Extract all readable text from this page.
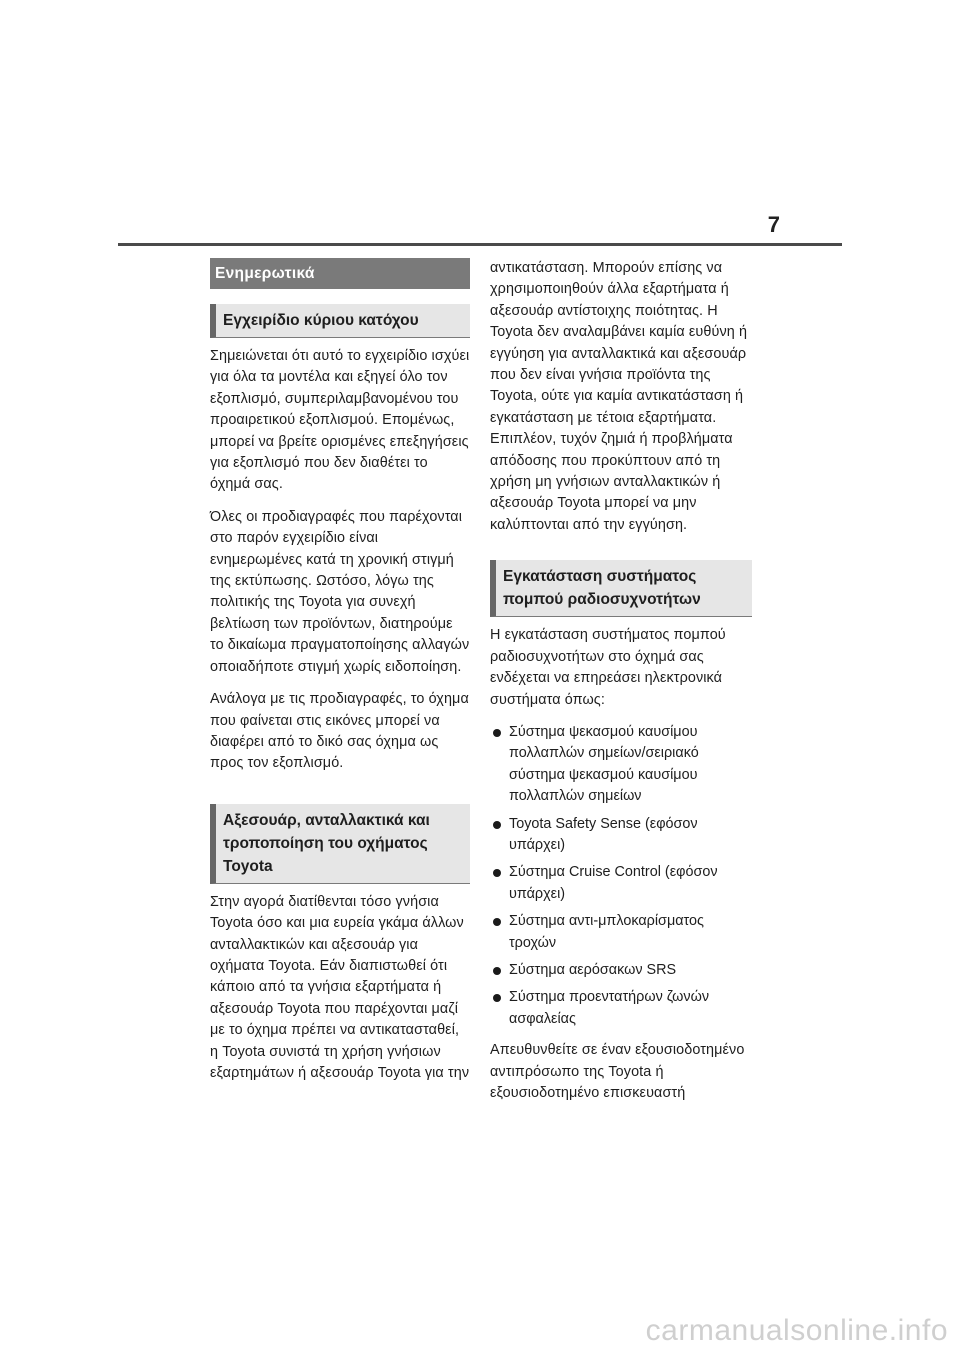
7
Ενημερωτικά
Εγχειρίδιο κύριου κατόχου

Σημειώνεται ότι αυτό το εγχειρίδιο ισχύει για όλα τα μοντέλα και εξηγεί όλο τον εξοπλισμό, συμπεριλαμβανομένου του προαιρετικού εξοπλισμού. Επομένως, μπορεί να βρείτε ορισμένες επεξηγήσεις για εξοπλισμό που δεν διαθέτει το όχημά σας.

Όλες οι προδιαγραφές που παρέχονται στο παρόν εγχειρίδιο είναι ενημερωμένες κατά τη χρονική στιγμή της εκτύπωσης. Ωστόσο, λόγω της πολιτικής της Toyota για συνεχή βελτίωση των προϊόντων, διατηρούμε το δικαίωμα πραγματοποίησης αλλαγών οποιαδήποτε στιγμή χωρίς ειδοποίηση.

Ανάλογα με τις προδιαγραφές, το όχημα που φαίνεται στις εικόνες μπορεί να διαφέρει από το δικό σας όχημα ως προς τον εξοπλισμό.

Αξεσουάρ, ανταλλακτικά και τροποποίηση του οχήματος Toyota

Στην αγορά διατίθενται τόσο γνήσια Toyota όσο και μια ευρεία γκάμα άλλων ανταλλακτικών και αξεσουάρ για οχήματα Toyota. Εάν διαπιστωθεί ότι κάποιο από τα γνήσια εξαρτήματα ή αξεσουάρ Toyota που παρέχονται μαζί με το όχημα πρέπει να αντικατασταθεί, η Toyota συνιστά τη χρήση γνήσιων εξαρτημάτων ή αξεσουάρ Toyota για την

αντικατάσταση. Μπορούν επίσης να χρησιμοποιηθούν άλλα εξαρτήματα ή αξεσουάρ αντίστοιχης ποιότητας. Η Toyota δεν αναλαμβάνει καμία ευθύνη ή εγγύηση για ανταλλακτικά και αξεσουάρ που δεν είναι γνήσια προϊόντα της Toyota, ούτε για καμία αντικατάσταση ή εγκατάσταση με τέτοια εξαρτήματα. Επιπλέον, τυχόν ζημιά ή προβλήματα απόδοσης που προκύπτουν από τη χρήση μη γνήσιων ανταλλακτικών ή αξεσουάρ Toyota μπορεί να μην καλύπτονται από την εγγύηση.

Εγκατάσταση συστήματος πομπού ραδιοσυχνοτήτων

Η εγκατάσταση συστήματος πομπού ραδιοσυχνοτήτων στο όχημά σας ενδέχεται να επηρεάσει ηλεκτρονικά συστήματα όπως:

Σύστημα ψεκασμού καυσίμου πολλαπλών σημείων/σειριακό σύστημα ψεκασμού καυσίμου πολλαπλών σημείων
Toyota Safety Sense (εφόσον υπάρχει)
Σύστημα Cruise Control (εφόσον υπάρχει)
Σύστημα αντι-μπλοκαρίσματος τροχών
Σύστημα αερόσακων SRS
Σύστημα προεντατήρων ζωνών ασφαλείας

Απευθυνθείτε σε έναν εξουσιοδοτημένο αντιπρόσωπο της Toyota ή εξουσιοδοτημένο επισκευαστή

carmanualsonline.info
